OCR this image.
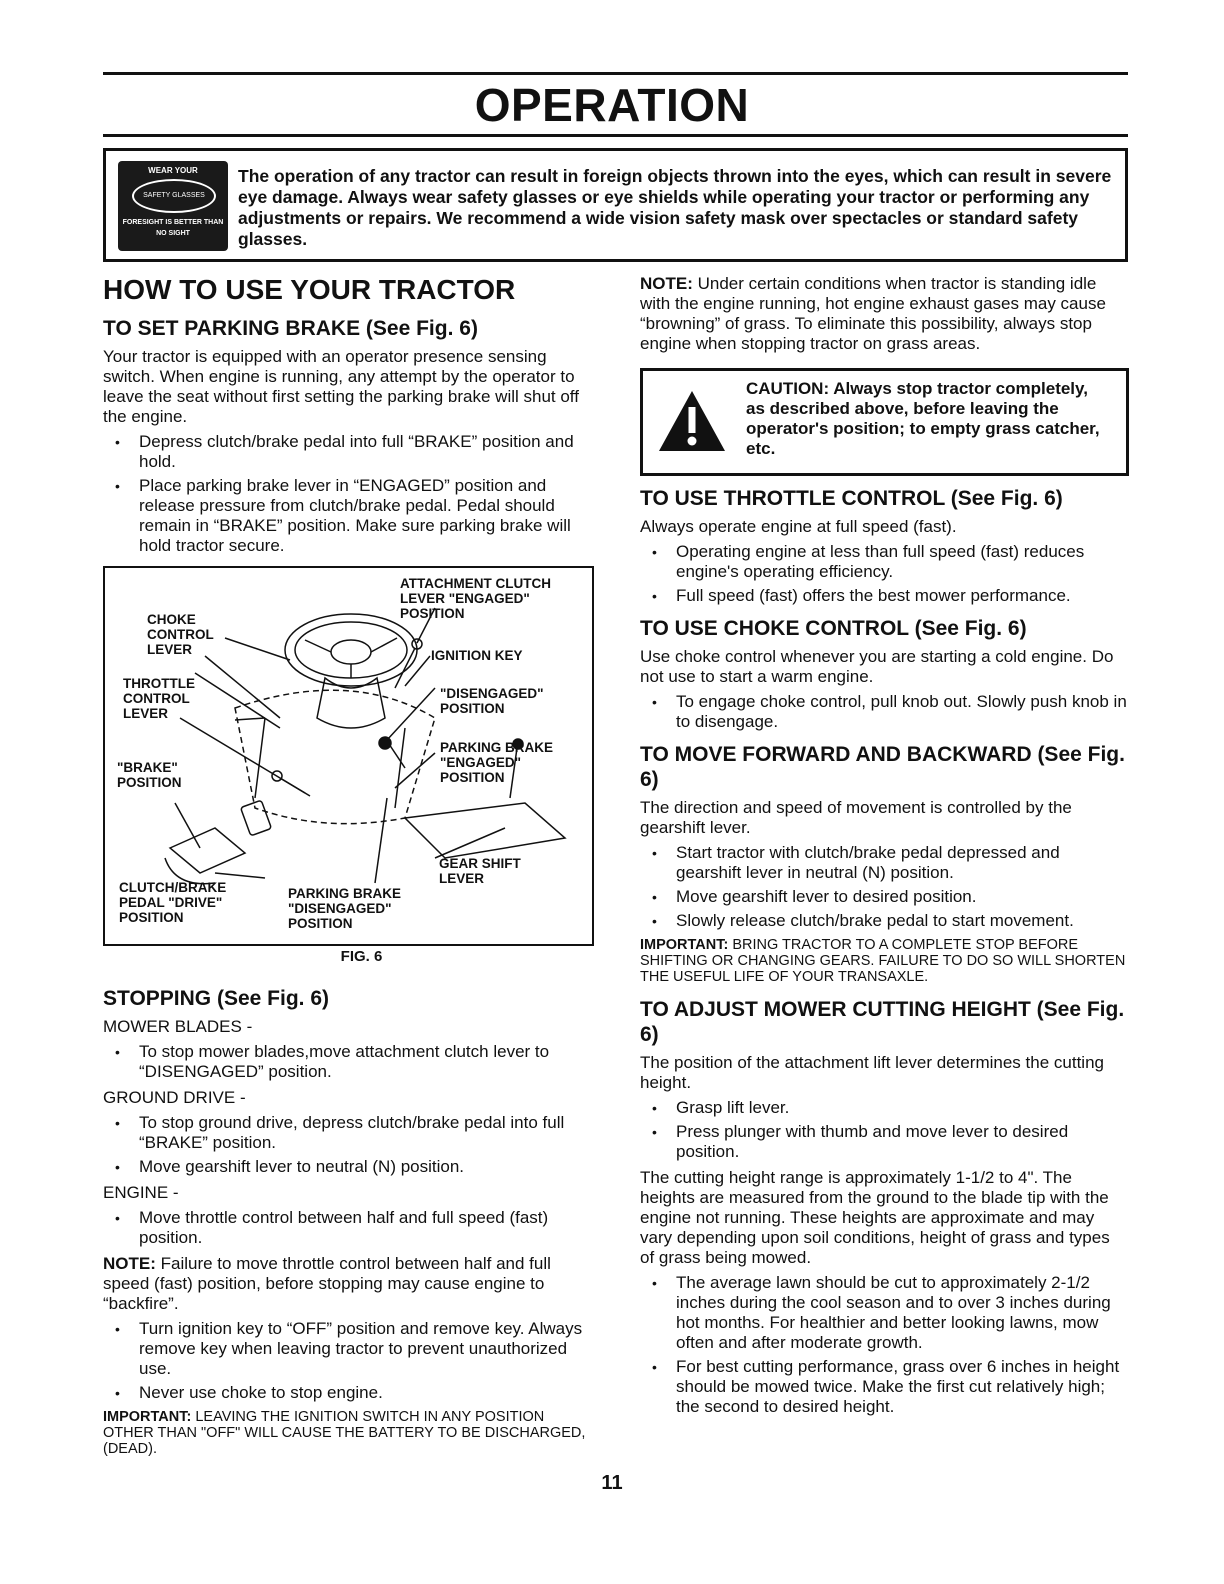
OPERATION
WEAR YOUR
SAFETY GLASSES
FORESIGHT IS BETTER THAN NO SIGHT
The operation of any tractor can result in foreign objects thrown into the eyes, which can result in severe eye damage. Always wear safety glasses or eye shields while operating your tractor or performing any adjustments or repairs. We recommend a wide vision safety mask over spectacles or standard safety glasses.
HOW TO USE YOUR TRACTOR
TO SET PARKING BRAKE (See Fig. 6)

Your tractor is equipped with an operator presence sensing switch. When engine is running, any attempt by the operator to leave the seat without first setting the parking brake will shut off the engine.

• Depress clutch/brake pedal into full “BRAKE” position and hold.
• Place parking brake lever in “ENGAGED” position and release pressure from clutch/brake pedal. Pedal should remain in “BRAKE” position. Make sure parking brake will hold tractor secure.
ATTACHMENT CLUTCH
LEVER "ENGAGED"
POSITION
CHOKE
CONTROL
LEVER	IGNITION KEY
THROTTLE
CONTROL
LEVER
"DISENGAGED"
POSITION
PARKING BRAKE
"ENGAGED"
POSITION
"BRAKE"
POSITION
GEAR SHIFT
LEVER
CLUTCH/BRAKE
PEDAL "DRIVE"
POSITION
PARKING BRAKE
"DISENGAGED"
POSITION
FIG. 6
STOPPING (See Fig. 6)

MOWER BLADES -

• To stop mower blades,move attachment clutch lever to “DISENGAGED” position.

GROUND DRIVE -

• To stop ground drive, depress clutch/brake pedal into full “BRAKE” position.
• Move gearshift lever to neutral (N) position.

ENGINE -

• Move throttle control between half and full speed (fast) position.

NOTE: Failure to move throttle control between half and full speed (fast) position, before stopping may cause engine to “backfire”.

• Turn ignition key to “OFF” position and remove key. Always remove key when leaving tractor to prevent unauthorized use.
• Never use choke to stop engine.

IMPORTANT: LEAVING THE IGNITION SWITCH IN ANY POSITION OTHER THAN "OFF" WILL CAUSE THE BATTERY TO BE DISCHARGED, (DEAD).

NOTE: Under certain conditions when tractor is standing idle with the engine running, hot engine exhaust gases may cause “browning” of grass. To eliminate this possibility, always stop engine when stopping tractor on grass areas.

CAUTION: Always stop tractor completely, as described above, before leaving the operator's position; to empty grass catcher, etc.
TO USE THROTTLE CONTROL (See Fig. 6)

Always operate engine at full speed (fast).

• Operating engine at less than full speed (fast) reduces engine's operating efficiency.
• Full speed (fast) offers the best mower performance.
TO USE CHOKE CONTROL (See Fig. 6)

Use choke control whenever you are starting a cold engine. Do not use to start a warm engine.

• To engage choke control, pull knob out. Slowly push knob in to disengage.
TO MOVE FORWARD AND BACKWARD (See Fig. 6)

The direction and speed of movement is controlled by the gearshift lever.

• Start tractor with clutch/brake pedal depressed and gearshift lever in neutral (N) position.
• Move gearshift lever to desired position.
• Slowly release clutch/brake pedal to start movement.

IMPORTANT: BRING TRACTOR TO A COMPLETE STOP BEFORE SHIFTING OR CHANGING GEARS. FAILURE TO DO SO WILL SHORTEN THE USEFUL LIFE OF YOUR TRANSAXLE.

TO ADJUST MOWER CUTTING HEIGHT (See Fig. 6)

The position of the attachment lift lever determines the cutting height.

• Grasp lift lever.
• Press plunger with thumb and move lever to desired position.

The cutting height range is approximately 1-1/2 to 4". The heights are measured from the ground to the blade tip with the engine not running. These heights are approximate and may vary depending upon soil conditions, height of grass and types of grass being mowed.

• The average lawn should be cut to approximately 2-1/2 inches during the cool season and to over 3 inches during hot months. For healthier and better looking lawns, mow often and after moderate growth.
• For best cutting performance, grass over 6 inches in height should be mowed twice. Make the first cut relatively high; the second to desired height.
11
